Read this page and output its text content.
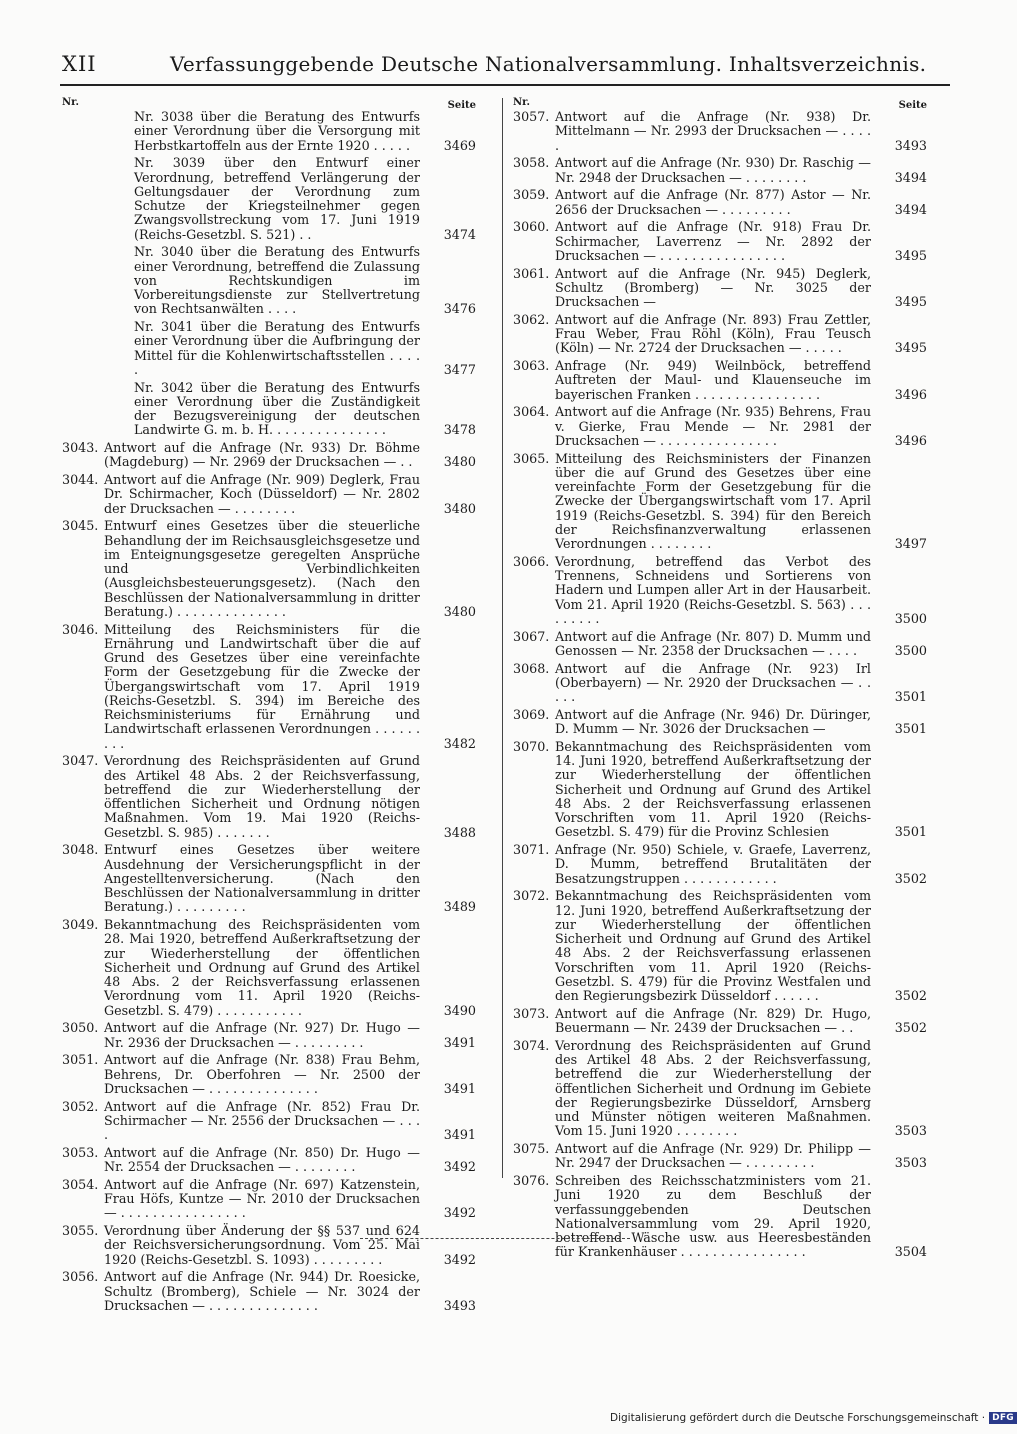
XII	Verfassunggebende Deutsche Nationalversammlung. Inhaltsverzeichnis.
Nr.	Seite
Nr. 3038 über die Beratung des Entwurfs einer Verordnung über die Versorgung mit Herbstkartoffeln aus der Ernte 1920 . . . . .	3469
Nr. 3039 über den Entwurf einer Verordnung, betreffend Verlängerung der Geltungsdauer der Verordnung zum Schutze der Kriegsteilnehmer gegen Zwangsvollstreckung vom 17. Juni 1919 (Reichs-Gesetzbl. S. 521) . .	3474
Nr. 3040 über die Beratung des Entwurfs einer Verordnung, betreffend die Zulassung von Rechtskundigen im Vorbereitungsdienste zur Stellvertretung von Rechtsanwälten . . . .	3476
Nr. 3041 über die Beratung des Entwurfs einer Verordnung über die Aufbringung der Mittel für die Kohlenwirtschaftsstellen . . . . .	3477
Nr. 3042 über die Beratung des Entwurfs einer Verordnung über die Zuständigkeit der Bezugsvereinigung der deutschen Landwirte G. m. b. H. . . . . . . . . . . . . . .	3478
3043. Antwort auf die Anfrage (Nr. 933) Dr. Böhme (Magdeburg) — Nr. 2969 der Drucksachen — . .	3480
3044. Antwort auf die Anfrage (Nr. 909) Deglerk, Frau Dr. Schirmacher, Koch (Düsseldorf) — Nr. 2802 der Drucksachen — . . . . . . . .	3480
3045. Entwurf eines Gesetzes über die steuerliche Behandlung der im Reichsausgleichsgesetze und im Enteignungsgesetze geregelten Ansprüche und Verbindlichkeiten (Ausgleichsbesteuerungsgesetz). (Nach den Beschlüssen der Nationalversammlung in dritter Beratung.) . . . . . . . . . . . . . .	3480
3046. Mitteilung des Reichsministers für die Ernährung und Landwirtschaft über die auf Grund des Gesetzes über eine vereinfachte Form der Gesetzgebung für die Zwecke der Übergangswirtschaft vom 17. April 1919 (Reichs-Gesetzbl. S. 394) im Bereiche des Reichsministeriums für Ernährung und Landwirtschaft erlassenen Verordnungen . . . . . . . . .	3482
3047. Verordnung des Reichspräsidenten auf Grund des Artikel 48 Abs. 2 der Reichsverfassung, betreffend die zur Wiederherstellung der öffentlichen Sicherheit und Ordnung nötigen Maßnahmen. Vom 19. Mai 1920 (Reichs-Gesetzbl. S. 985) . . . . . . .	3488
3048. Entwurf eines Gesetzes über weitere Ausdehnung der Versicherungspflicht in der Angestelltenversicherung. (Nach den Beschlüssen der Nationalversammlung in dritter Beratung.) . . . . . . . . .	3489
3049. Bekanntmachung des Reichspräsidenten vom 28. Mai 1920, betreffend Außerkraftsetzung der zur Wiederherstellung der öffentlichen Sicherheit und Ordnung auf Grund des Artikel 48 Abs. 2 der Reichsverfassung erlassenen Verordnung vom 11. April 1920 (Reichs-Gesetzbl. S. 479) . . . . . . . . . . .	3490
3050. Antwort auf die Anfrage (Nr. 927) Dr. Hugo — Nr. 2936 der Drucksachen — . . . . . . . . .	3491
3051. Antwort auf die Anfrage (Nr. 838) Frau Behm, Behrens, Dr. Oberfohren — Nr. 2500 der Drucksachen — . . . . . . . . . . . . . .	3491
3052. Antwort auf die Anfrage (Nr. 852) Frau Dr. Schirmacher — Nr. 2556 der Drucksachen — . . . .	3491
3053. Antwort auf die Anfrage (Nr. 850) Dr. Hugo — Nr. 2554 der Drucksachen — . . . . . . . .	3492
3054. Antwort auf die Anfrage (Nr. 697) Katzenstein, Frau Höfs, Kuntze — Nr. 2010 der Drucksachen — . . . . . . . . . . . . . . . .	3492
3055. Verordnung über Änderung der §§ 537 und 624 der Reichsversicherungsordnung. Vom 25. Mai 1920 (Reichs-Gesetzbl. S. 1093) . . . . . . . . .	3492
3056. Antwort auf die Anfrage (Nr. 944) Dr. Roesicke, Schultz (Bromberg), Schiele — Nr. 3024 der Drucksachen — . . . . . . . . . . . . . .	3493
Nr.	Seite
3057. Antwort auf die Anfrage (Nr. 938) Dr. Mittelmann — Nr. 2993 der Drucksachen — . . . . .	3493
3058. Antwort auf die Anfrage (Nr. 930) Dr. Raschig — Nr. 2948 der Drucksachen — . . . . . . . .	3494
3059. Antwort auf die Anfrage (Nr. 877) Astor — Nr. 2656 der Drucksachen — . . . . . . . . .	3494
3060. Antwort auf die Anfrage (Nr. 918) Frau Dr. Schirmacher, Laverrenz — Nr. 2892 der Drucksachen — . . . . . . . . . . . . . . . .	3495
3061. Antwort auf die Anfrage (Nr. 945) Deglerk, Schultz (Bromberg) — Nr. 3025 der Drucksachen —	3495
3062. Antwort auf die Anfrage (Nr. 893) Frau Zettler, Frau Weber, Frau Röhl (Köln), Frau Teusch (Köln) — Nr. 2724 der Drucksachen — . . . . .	3495
3063. Anfrage (Nr. 949) Weilnböck, betreffend Auftreten der Maul- und Klauenseuche im bayerischen Franken . . . . . . . . . . . . . . . .	3496
3064. Antwort auf die Anfrage (Nr. 935) Behrens, Frau v. Gierke, Frau Mende — Nr. 2981 der Drucksachen — . . . . . . . . . . . . . . .	3496
3065. Mitteilung des Reichsministers der Finanzen über die auf Grund des Gesetzes über eine vereinfachte Form der Gesetzgebung für die Zwecke der Übergangswirtschaft vom 17. April 1919 (Reichs-Gesetzbl. S. 394) für den Bereich der Reichsfinanzverwaltung erlassenen Verordnungen . . . . . . . .	3497
3066. Verordnung, betreffend das Verbot des Trennens, Schneidens und Sortierens von Hadern und Lumpen aller Art in der Hausarbeit. Vom 21. April 1920 (Reichs-Gesetzbl. S. 563) . . . . . . . . .	3500
3067. Antwort auf die Anfrage (Nr. 807) D. Mumm und Genossen — Nr. 2358 der Drucksachen — . . . .	3500
3068. Antwort auf die Anfrage (Nr. 923) Irl (Oberbayern) — Nr. 2920 der Drucksachen — . . . . .	3501
3069. Antwort auf die Anfrage (Nr. 946) Dr. Düringer, D. Mumm — Nr. 3026 der Drucksachen —	3501
3070. Bekanntmachung des Reichspräsidenten vom 14. Juni 1920, betreffend Außerkraftsetzung der zur Wiederherstellung der öffentlichen Sicherheit und Ordnung auf Grund des Artikel 48 Abs. 2 der Reichsverfassung erlassenen Vorschriften vom 11. April 1920 (Reichs-Gesetzbl. S. 479) für die Provinz Schlesien	3501
3071. Anfrage (Nr. 950) Schiele, v. Graefe, Laverrenz, D. Mumm, betreffend Brutalitäten der Besatzungstruppen . . . . . . . . . . . .	3502
3072. Bekanntmachung des Reichspräsidenten vom 12. Juni 1920, betreffend Außerkraftsetzung der zur Wiederherstellung der öffentlichen Sicherheit und Ordnung auf Grund des Artikel 48 Abs. 2 der Reichsverfassung erlassenen Vorschriften vom 11. April 1920 (Reichs-Gesetzbl. S. 479) für die Provinz Westfalen und den Regierungsbezirk Düsseldorf . . . . . .	3502
3073. Antwort auf die Anfrage (Nr. 829) Dr. Hugo, Beuermann — Nr. 2439 der Drucksachen — . .	3502
3074. Verordnung des Reichspräsidenten auf Grund des Artikel 48 Abs. 2 der Reichsverfassung, betreffend die zur Wiederherstellung der öffentlichen Sicherheit und Ordnung im Gebiete der Regierungsbezirke Düsseldorf, Arnsberg und Münster nötigen weiteren Maßnahmen. Vom 15. Juni 1920 . . . . . . . .	3503
3075. Antwort auf die Anfrage (Nr. 929) Dr. Philipp — Nr. 2947 der Drucksachen — . . . . . . . . .	3503
3076. Schreiben des Reichsschatzministers vom 21. Juni 1920 zu dem Beschluß der verfassunggebenden Deutschen Nationalversammlung vom 29. April 1920, betreffend Wäsche usw. aus Heeresbeständen für Krankenhäuser . . . . . . . . . . . . . . . .	3504
Digitalisierung gefördert durch die Deutsche Forschungsgemeinschaft · DFG
